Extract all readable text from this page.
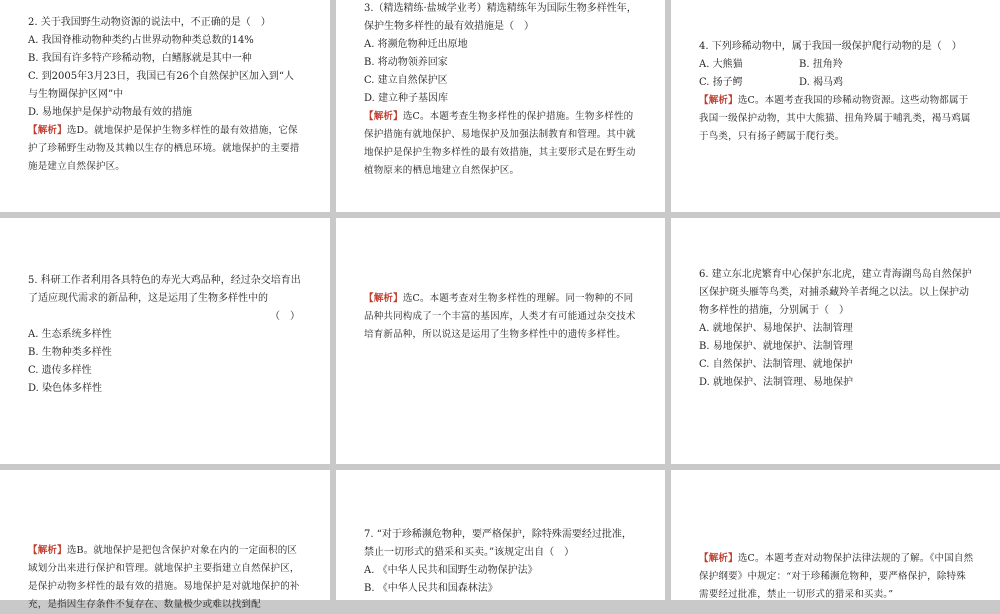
2. 关于我国野生动物资源的说法中，不正确的是（　）

A. 我国脊椎动物种类约占世界动物种类总数的14%

B. 我国有许多特产珍稀动物，白鳍豚就是其中一种

C. 到2005年3月23日，我国已有26个自然保护区加入到“人与生物圈保护区网”中

D. 易地保护是保护动物最有效的措施

【解析】选D。就地保护是保护生物多样性的最有效措施，它保护了珍稀野生动物及其赖以生存的栖息环境。就地保护的主要措施是建立自然保护区。

3.（精选精练·盐城学业考）精选精练年为国际生物多样性年，保护生物多样性的最有效措施是（　）

A. 将濒危物种迁出原地

B. 将动物领养回家

C. 建立自然保护区

D. 建立种子基因库

【解析】选C。本题考查生物多样性的保护措施。生物多样性的保护措施有就地保护、易地保护及加强法制教育和管理。其中就地保护是保护生物多样性的最有效措施，其主要形式是在野生动植物原来的栖息地建立自然保护区。

4. 下列珍稀动物中，属于我国一级保护爬行动物的是（　）

A. 大熊猫	B. 扭角羚
C. 扬子鳄	D. 褐马鸡

【解析】选C。本题考查我国的珍稀动物资源。这些动物都属于我国一级保护动物，其中大熊猫、扭角羚属于哺乳类，褐马鸡属于鸟类，只有扬子鳄属于爬行类。

5. 科研工作者利用各具特色的寿光大鸡品种，经过杂交培育出了适应现代需求的新品种，这是运用了生物多样性中的

（　）

A. 生态系统多样性

B. 生物种类多样性

C. 遗传多样性

D. 染色体多样性

【解析】选C。本题考查对生物多样性的理解。同一物种的不同品种共同构成了一个丰富的基因库，人类才有可能通过杂交技术培育新品种，所以说这是运用了生物多样性中的遗传多样性。

6. 建立东北虎繁育中心保护东北虎，建立青海湖鸟岛自然保护区保护斑头雁等鸟类，对捕杀藏羚羊者绳之以法。以上保护动物多样性的措施，分别属于（　）

A. 就地保护、易地保护、法制管理

B. 易地保护、就地保护、法制管理

C. 自然保护、法制管理、就地保护

D. 就地保护、法制管理、易地保护

【解析】选B。就地保护是把包含保护对象在内的一定面积的区域划分出来进行保护和管理。就地保护主要指建立自然保护区，是保护动物多样性的最有效的措施。易地保护是对就地保护的补充，是指因生存条件不复存在、数量极少或难以找到配

7. “对于珍稀濒危物种，要严格保护，除特殊需要经过批准，禁止一切形式的猎采和买卖。”该规定出自（　）

A. 《中华人民共和国野生动物保护法》

B. 《中华人民共和国森林法》

【解析】选C。本题考查对动物保护法律法规的了解。《中国自然保护纲要》中规定：“对于珍稀濒危物种，要严格保护，除特殊需要经过批准，禁止一切形式的猎采和买卖。”
